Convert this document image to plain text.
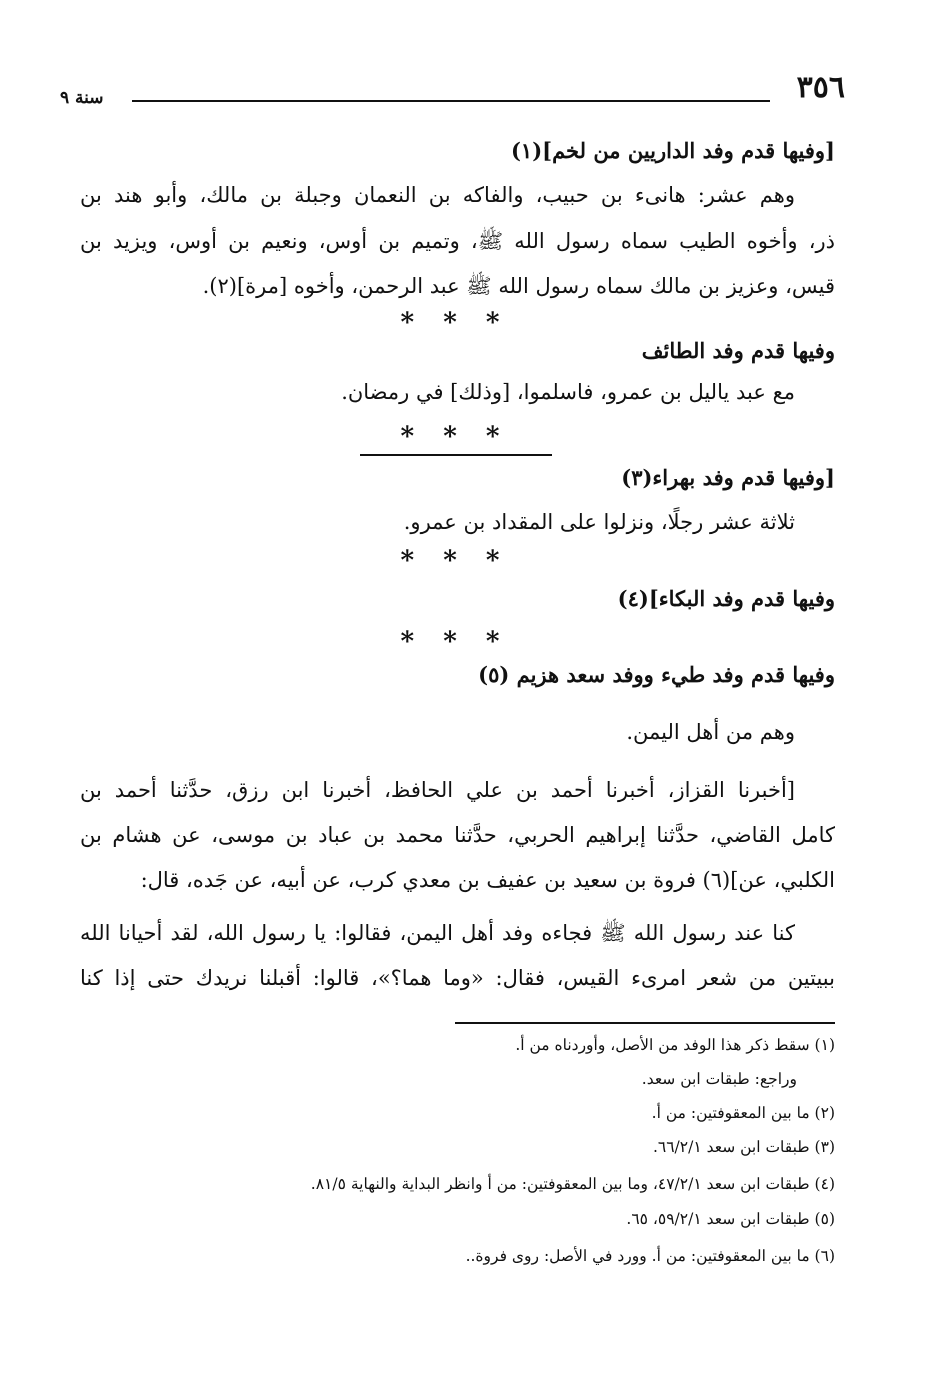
٣٥٦
سنة ٩
[وفيها قدم وفد الداريين من لخم](١)
وهم عشر: هانىء بن حبيب، والفاكه بن النعمان وجبلة بن مالك، وأبو هند بن
ذر، وأخوه الطيب سماه رسول الله ﷺ، وتميم بن أوس، ونعيم بن أوس، ويزيد بن
قيس، وعزيز بن مالك سماه رسول الله ﷺ عبد الرحمن، وأخوه [مرة](٢).
* * *
وفيها قدم وفد الطائف
مع عبد ياليل بن عمرو، فاسلموا، [وذلك] في رمضان.
* * *
[وفيها قدم وفد بهراء(٣)
ثلاثة عشر رجلًا، ونزلوا على المقداد بن عمرو.
* * *
وفيها قدم وفد البكاء](٤)
* * *
وفيها قدم وفد طيء ووفد سعد هزيم (٥)
وهم من أهل اليمن.
[أخبرنا القزاز، أخبرنا أحمد بن علي الحافظ، أخبرنا ابن رزق، حدَّثنا أحمد بن
كامل القاضي، حدَّثنا إبراهيم الحربي، حدَّثنا محمد بن عباد بن موسى، عن هشام بن
الكلبي، عن](٦) فروة بن سعيد بن عفيف بن معدي كرب، عن أبيه، عن جَده، قال:
كنا عند رسول الله ﷺ فجاءه وفد أهل اليمن، فقالوا: يا رسول الله، لقد أحيانا الله
ببيتين من شعر امرىء القيس، فقال: «وما هما؟»، قالوا: أقبلنا نريدك حتى إذا كنا
(١) سقط ذكر هذا الوفد من الأصل، وأوردناه من أ.
وراجع: طبقات ابن سعد.
(٢) ما بين المعقوفتين: من أ.
(٣) طبقات ابن سعد ٦٦/٢/١.
(٤) طبقات ابن سعد ٤٧/٢/١، وما بين المعقوفتين: من أ وانظر البداية والنهاية ٨١/٥.
(٥) طبقات ابن سعد ٥٩/٢/١، ٦٥.
(٦) ما بين المعقوفتين: من أ. وورد في الأصل: روى فروة..
